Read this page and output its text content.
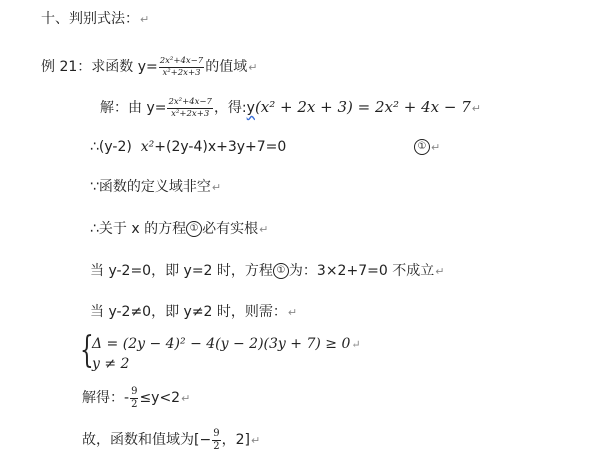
十、判别式法：↵
例 21：求函数 $y= \frac{\text{2x²+4x−7}}{\text{x²+2x+3}}$ 的值域↵
解：由 $y= \frac{\text{2x²+4x−7}}{\text{x²+2x+3}}$ ，得:y(x² + 2x + 3) = 2x² + 4x − 7↵
∴(y-2) x²+(2y-4)x+3y+7=0	① ↵
∵函数的定义域非空↵
∴关于 x 的方程 ① 必有实根↵
当 y-2=0，即 y=2 时，方程 ① 为：3×2+7=0 不成立↵
当 y-2≠0，即 y≠2 时，则需：↵
{
Δ = (2y − 4)² − 4(y − 2)(3y + 7) ≥ 0↵
y ≠ 2
解得：- $\frac{9}{2}$ ≤y<2↵
故，函数和值域为[− $\frac{9}{2}$ ，2]↵
